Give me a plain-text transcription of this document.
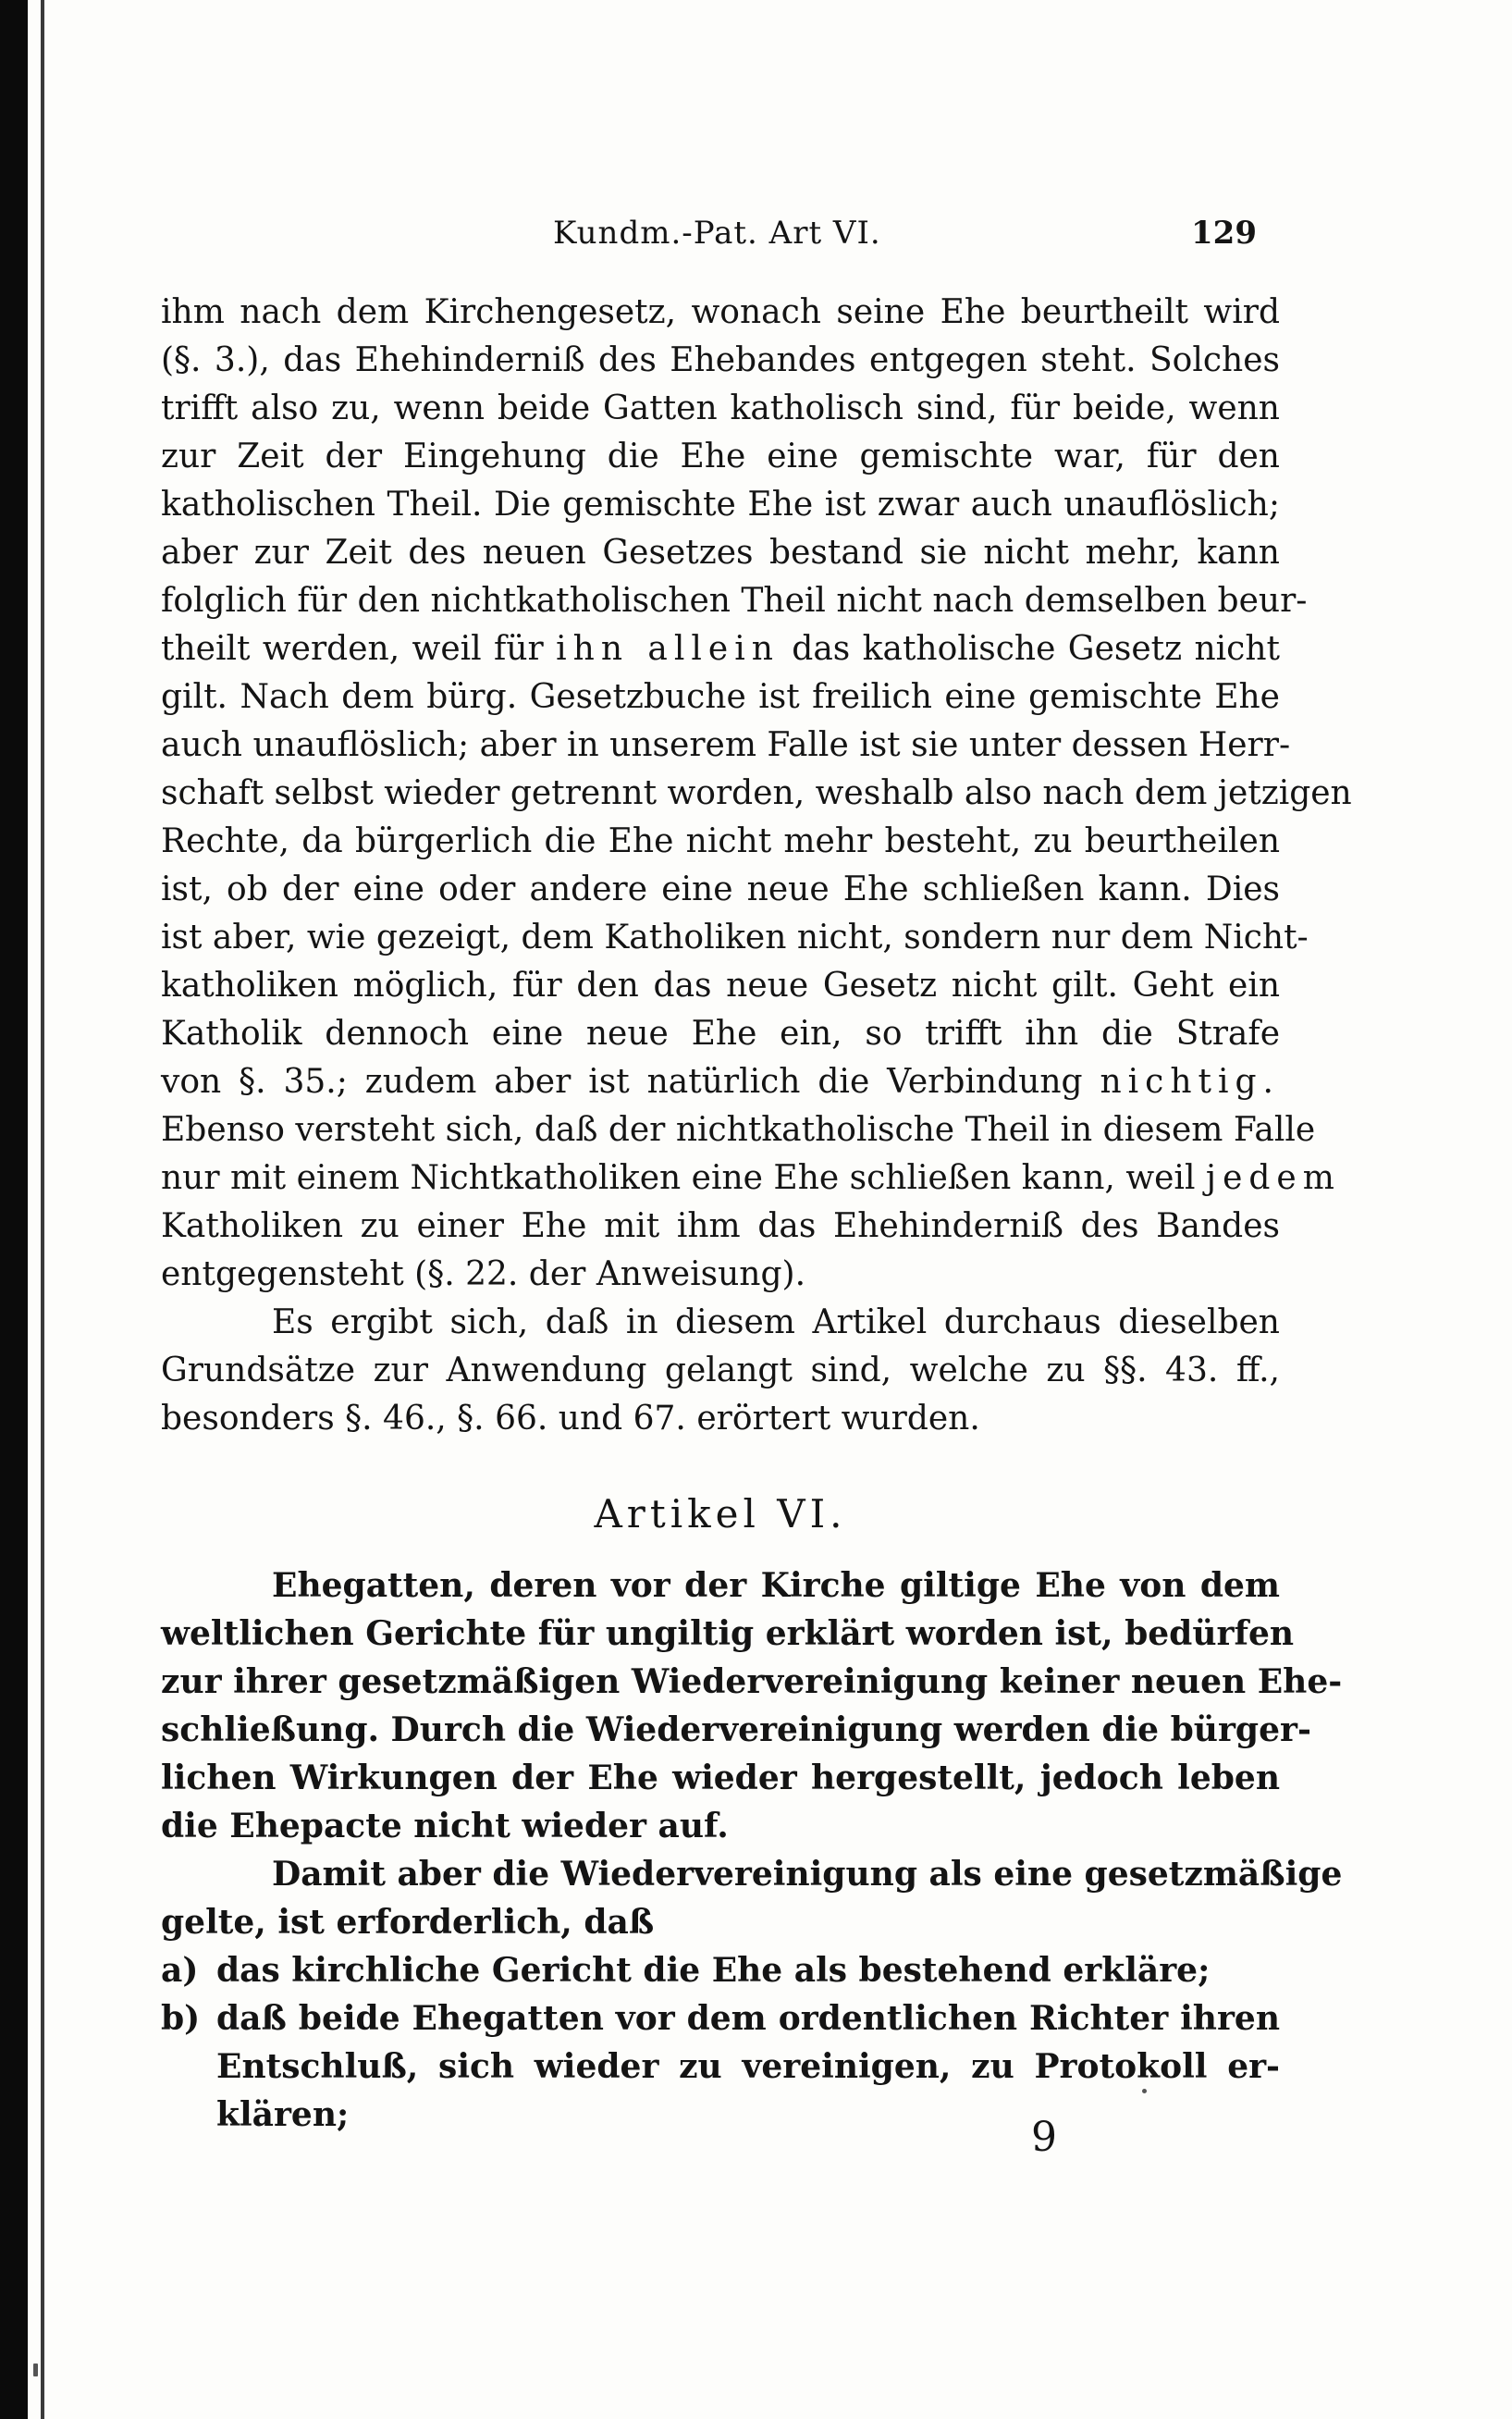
Kundm.-Pat. Art VI.	129
ihm nach dem Kirchengesetz, wonach seine Ehe beurtheilt wird
(§. 3.), das Ehehinderniß des Ehebandes entgegen steht. Solches
trifft also zu, wenn beide Gatten katholisch sind, für beide, wenn
zur Zeit der Eingehung die Ehe eine gemischte war, für den
katholischen Theil. Die gemischte Ehe ist zwar auch unauflöslich;
aber zur Zeit des neuen Gesetzes bestand sie nicht mehr, kann
folglich für den nichtkatholischen Theil nicht nach demselben beur-
theilt werden, weil für ihn allein das katholische Gesetz nicht
gilt. Nach dem bürg. Gesetzbuche ist freilich eine gemischte Ehe
auch unauflöslich; aber in unserem Falle ist sie unter dessen Herr-
schaft selbst wieder getrennt worden, weshalb also nach dem jetzigen
Rechte, da bürgerlich die Ehe nicht mehr besteht, zu beurtheilen
ist, ob der eine oder andere eine neue Ehe schließen kann. Dies
ist aber, wie gezeigt, dem Katholiken nicht, sondern nur dem Nicht-
katholiken möglich, für den das neue Gesetz nicht gilt. Geht ein
Katholik dennoch eine neue Ehe ein, so trifft ihn die Strafe
von §. 35.; zudem aber ist natürlich die Verbindung nichtig.
Ebenso versteht sich, daß der nichtkatholische Theil in diesem Falle
nur mit einem Nichtkatholiken eine Ehe schließen kann, weil jedem
Katholiken zu einer Ehe mit ihm das Ehehinderniß des Bandes
entgegensteht (§. 22. der Anweisung).
Es ergibt sich, daß in diesem Artikel durchaus dieselben
Grundsätze zur Anwendung gelangt sind, welche zu §§. 43. ff.,
besonders §. 46., §. 66. und 67. erörtert wurden.
Artikel VI.
Ehegatten, deren vor der Kirche giltige Ehe von dem
weltlichen Gerichte für ungiltig erklärt worden ist, bedürfen
zur ihrer gesetzmäßigen Wiedervereinigung keiner neuen Ehe-
schließung. Durch die Wiedervereinigung werden die bürger-
lichen Wirkungen der Ehe wieder hergestellt, jedoch leben
die Ehepacte nicht wieder auf.
Damit aber die Wiedervereinigung als eine gesetzmäßige
gelte, ist erforderlich, daß
a) das kirchliche Gericht die Ehe als bestehend erkläre;
b) daß beide Ehegatten vor dem ordentlichen Richter ihren
Entschluß, sich wieder zu vereinigen, zu Protokoll er-
klären;	9
